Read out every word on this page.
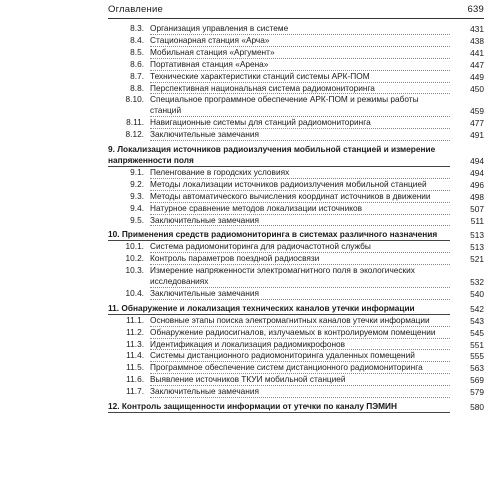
Оглавление	639
8.3. Организация управления в системе	431
8.4. Стационарная станция «Арча»	438
8.5. Мобильная станция «Аргумент»	441
8.6. Портативная станция «Арена»	447
8.7. Технические характеристики станций системы АРК-ПОМ	449
8.8. Перспективная национальная система радиомониторинга	450
8.10. Специальное программное обеспечение АРК-ПОМ и режимы работы станций	459
8.11. Навигационные системы для станций радиомониторинга	477
8.12. Заключительные замечания	491
9. Локализация источников радиоизлучения мобильной станцией и измерение напряженности поля	494
9.1. Пеленгование в городских условиях	494
9.2. Методы локализации источников радиоизлучения мобильной станцией	496
9.3. Методы автоматического вычисления координат источников в движении	498
9.4. Натурное сравнение методов локализации источников	507
9.5. Заключительные замечания	511
10. Применения средств радиомониторинга в системах различного назначения	513
10.1. Система радиомониторинга для радиочастотной службы	513
10.2. Контроль параметров поездной радиосвязи	521
10.3. Измерение напряженности электромагнитного поля в экологических исследованиях	532
10.4. Заключительные замечания	540
11. Обнаружение и локализация технических каналов утечки информации	542
11.1. Основные этапы поиска электромагнитных каналов утечки информации	543
11.2. Обнаружение радиосигналов, излучаемых в контролируемом помещении	545
11.3. Идентификация и локализация радиомикрофонов	551
11.4. Системы дистанционного радиомониторинга удаленных помещений	555
11.5. Программное обеспечение систем дистанционного радиомониторинга	563
11.6. Выявление источников ТКУИ мобильной станцией	569
11.7. Заключительные замечания	579
12. Контроль защищенности информации от утечки по каналу ПЭМИН	580
